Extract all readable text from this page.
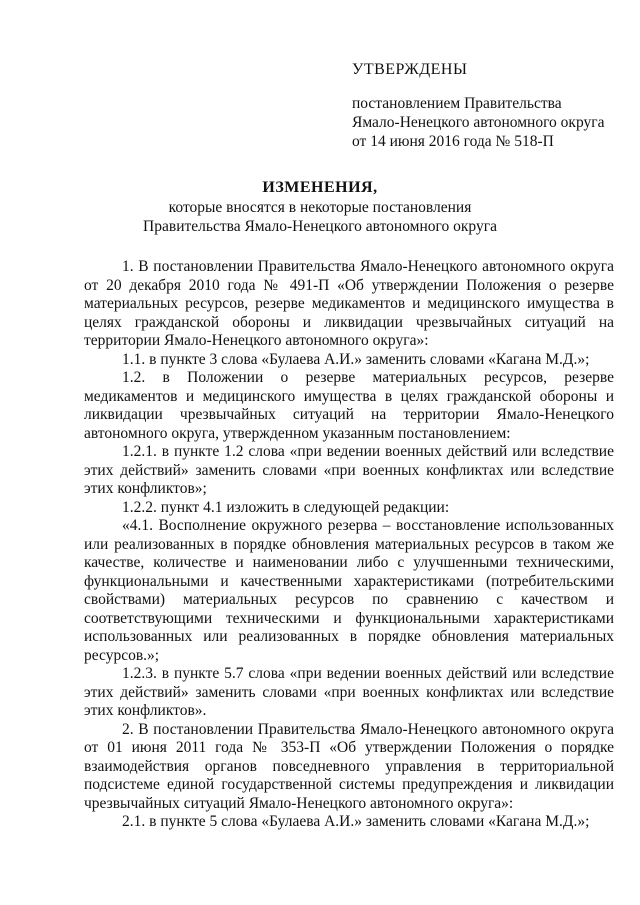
УТВЕРЖДЕНЫ
постановлением Правительства
Ямало-Ненецкого автономного округа
от 14 июня 2016 года № 518-П
ИЗМЕНЕНИЯ,
которые вносятся в некоторые постановления
Правительства Ямало-Ненецкого автономного округа

1. В постановлении Правительства Ямало-Ненецкого автономного округа от 20 декабря 2010 года № 491-П «Об утверждении Положения о резерве материальных ресурсов, резерве медикаментов и медицинского имущества в целях гражданской обороны и ликвидации чрезвычайных ситуаций на территории Ямало-Ненецкого автономного округа»:

1.1. в пункте 3 слова «Булаева А.И.» заменить словами «Кагана М.Д.»;

1.2. в Положении о резерве материальных ресурсов, резерве медикаментов и медицинского имущества в целях гражданской обороны и ликвидации чрезвычайных ситуаций на территории Ямало-Ненецкого автономного округа, утвержденном указанным постановлением:

1.2.1. в пункте 1.2 слова «при ведении военных действий или вследствие этих действий» заменить словами «при военных конфликтах или вследствие этих конфликтов»;

1.2.2. пункт 4.1 изложить в следующей редакции:

«4.1. Восполнение окружного резерва – восстановление использованных или реализованных в порядке обновления материальных ресурсов в таком же качестве, количестве и наименовании либо с улучшенными техническими, функциональными и качественными характеристиками (потребительскими свойствами) материальных ресурсов по сравнению с качеством и соответствующими техническими и функциональными характеристиками использованных или реализованных в порядке обновления материальных ресурсов.»;

1.2.3. в пункте 5.7 слова «при ведении военных действий или вследствие этих действий» заменить словами «при военных конфликтах или вследствие этих конфликтов».

2. В постановлении Правительства Ямало-Ненецкого автономного округа от 01 июня 2011 года № 353-П «Об утверждении Положения о порядке взаимодействия органов повседневного управления в территориальной подсистеме единой государственной системы предупреждения и ликвидации чрезвычайных ситуаций Ямало-Ненецкого автономного округа»:

2.1. в пункте 5 слова «Булаева А.И.» заменить словами «Кагана М.Д.»;
